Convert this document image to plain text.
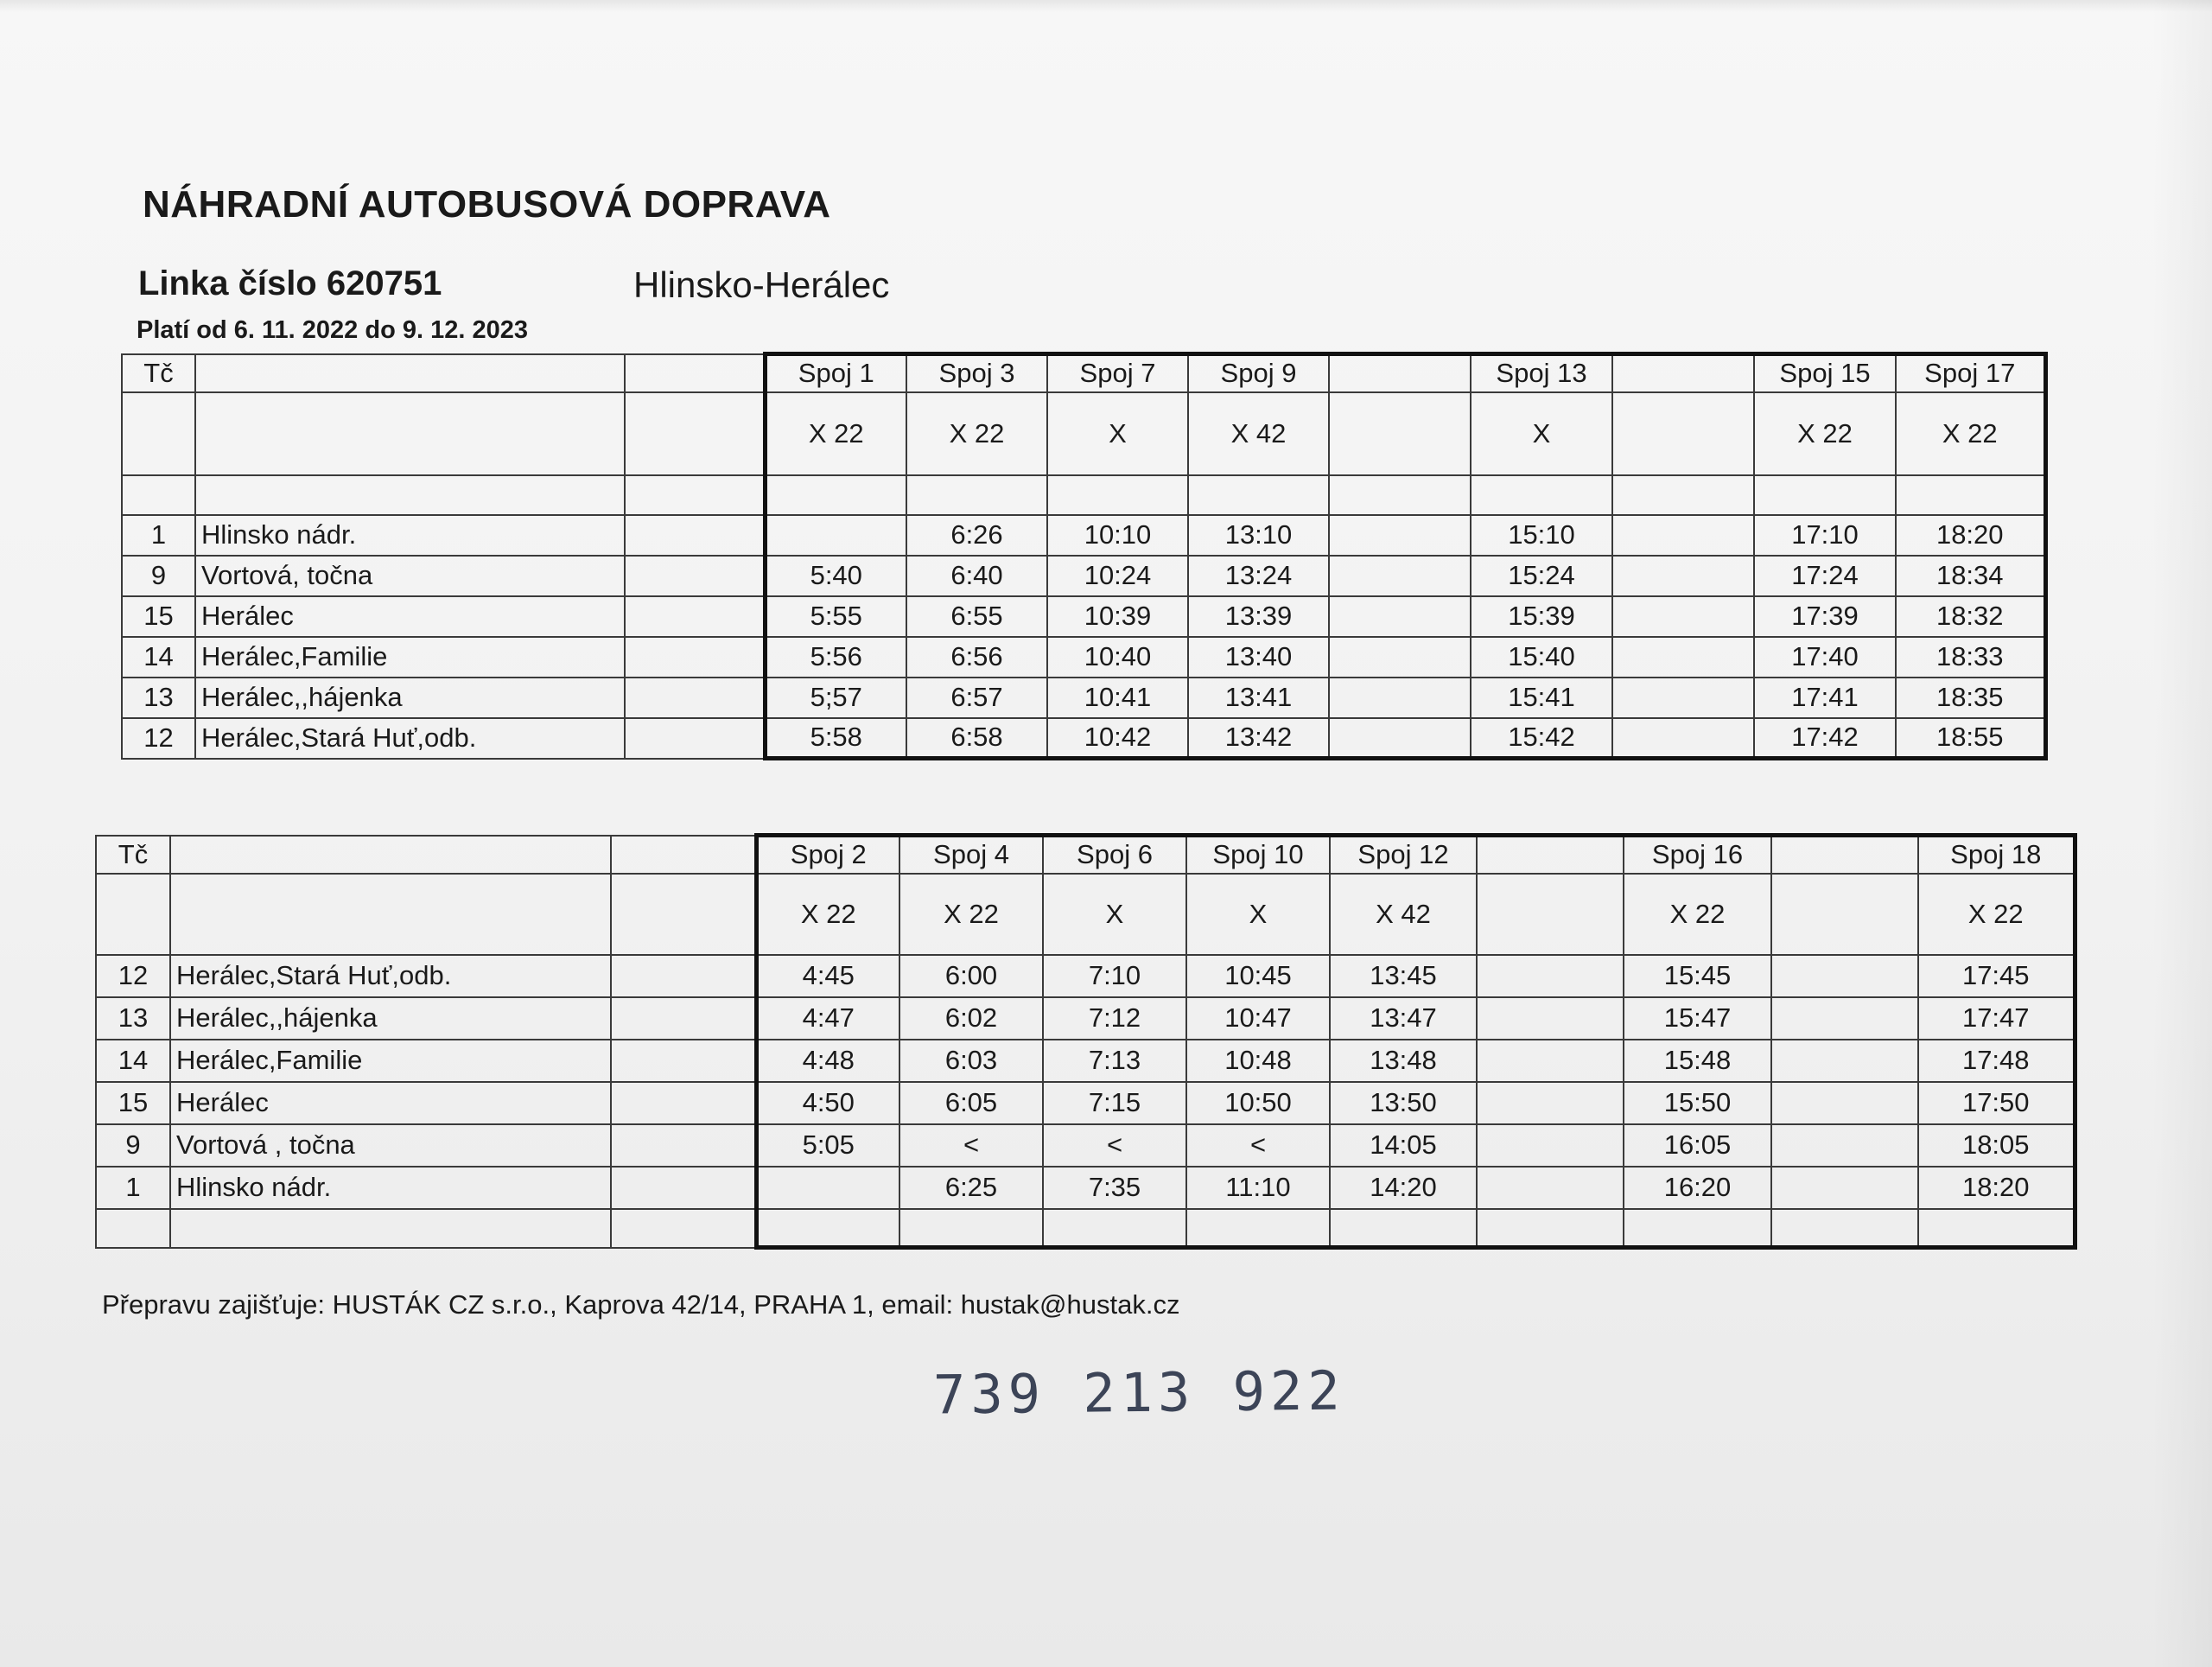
NÁHRADNÍ AUTOBUSOVÁ DOPRAVA
Linka číslo 620751	Hlinsko-Herálec
Platí od 6. 11. 2022 do 9. 12. 2023
Tč			Spoj 1	Spoj 3	Spoj 7	Spoj 9		Spoj 13		Spoj 15	Spoj 17
			X 22	X 22	X	X 42		X		X 22	X 22

1	Hlinsko nádr.			6:26	10:10	13:10		15:10		17:10	18:20
9	Vortová, točna		5:40	6:40	10:24	13:24		15:24		17:24	18:34
15	Herálec		5:55	6:55	10:39	13:39		15:39		17:39	18:32
14	Herálec,Familie		5:56	6:56	10:40	13:40		15:40		17:40	18:33
13	Herálec,,hájenka		5;57	6:57	10:41	13:41		15:41		17:41	18:35
12	Herálec,Stará Huť,odb.		5:58	6:58	10:42	13:42		15:42		17:42	18:55
Tč			Spoj 2	Spoj 4	Spoj 6	Spoj 10	Spoj 12		Spoj 16		Spoj 18
			X 22	X 22	X	X	X 42		X 22		X 22
12	Herálec,Stará Huť,odb.		4:45	6:00	7:10	10:45	13:45		15:45		17:45
13	Herálec,,hájenka		4:47	6:02	7:12	10:47	13:47		15:47		17:47
14	Herálec,Familie		4:48	6:03	7:13	10:48	13:48		15:48		17:48
15	Herálec		4:50	6:05	7:15	10:50	13:50		15:50		17:50
9	Vortová , točna		5:05	<	<	<	14:05		16:05		18:05
1	Hlinsko nádr.			6:25	7:35	11:10	14:20		16:20		18:20

Přepravu zajišťuje: HUSTÁK CZ s.r.o., Kaprova 42/14, PRAHA 1, email: hustak@hustak.cz
739 213 922
